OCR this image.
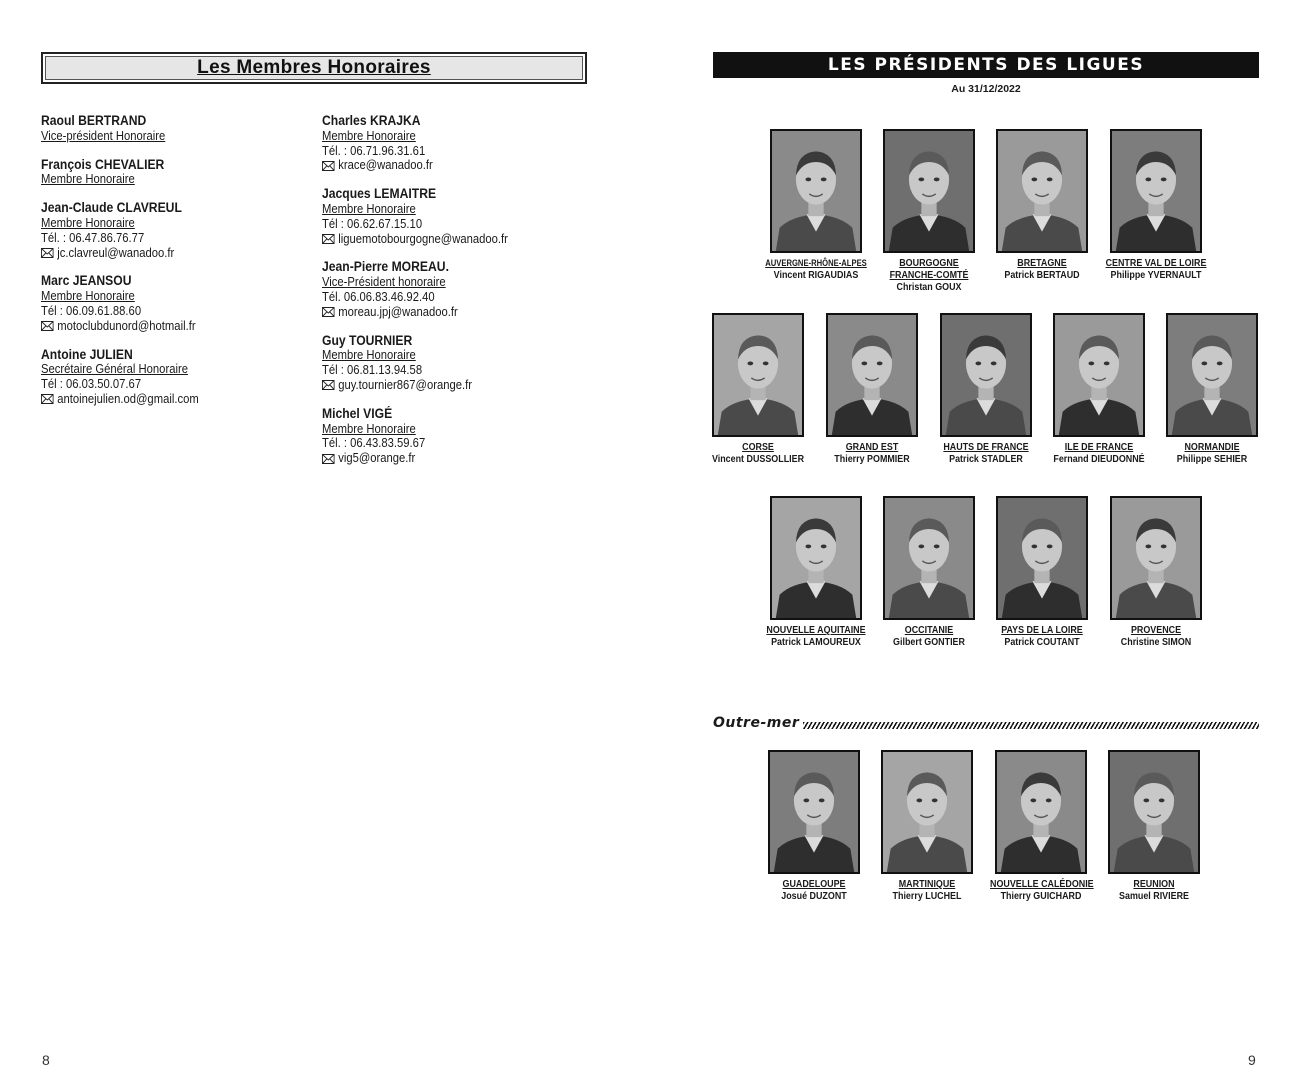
Les Membres Honoraires
Raoul BERTRAND
Vice-président Honoraire
François CHEVALIER
Membre Honoraire
Jean-Claude CLAVREUL
Membre Honoraire
Tél. : 06.47.86.76.77
jc.clavreul@wanadoo.fr
Marc JEANSOU
Membre Honoraire
Tél : 06.09.61.88.60
motoclubdunord@hotmail.fr
Antoine JULIEN
Secrétaire Général Honoraire
Tél : 06.03.50.07.67
antoinejulien.od@gmail.com
Charles KRAJKA
Membre Honoraire
Tél. : 06.71.96.31.61
krace@wanadoo.fr
Jacques LEMAITRE
Membre Honoraire
Tél : 06.62.67.15.10
liguemotobourgogne@wanadoo.fr
Jean-Pierre MOREAU.
Vice-Président honoraire
Tél. 06.06.83.46.92.40
moreau.jpj@wanadoo.fr
Guy TOURNIER
Membre Honoraire
Tél : 06.81.13.94.58
guy.tournier867@orange.fr
Michel VIGÉ
Membre Honoraire
Tél. : 06.43.83.59.67
vig5@orange.fr
8
LES PRÉSIDENTS DES LIGUES
Au 31/12/2022
AUVERGNE-RHÔNE-ALPES
Vincent RIGAUDIAS
BOURGOGNE
FRANCHE-COMTÉ
Christan GOUX
BRETAGNE
Patrick BERTAUD
CENTRE VAL DE LOIRE
Philippe YVERNAULT
CORSE
Vincent DUSSOLLIER
GRAND EST
Thierry POMMIER
HAUTS DE FRANCE
Patrick STADLER
ILE DE FRANCE
Fernand DIEUDONNÉ
NORMANDIE
Philippe SEHIER
NOUVELLE AQUITAINE
Patrick LAMOUREUX
OCCITANIE
Gilbert GONTIER
PAYS DE LA LOIRE
Patrick COUTANT
PROVENCE
Christine SIMON
Outre-mer
GUADELOUPE
Josué DUZONT
MARTINIQUE
Thierry LUCHEL
NOUVELLE CALÉDONIE
Thierry GUICHARD
REUNION
Samuel RIVIERE
9
